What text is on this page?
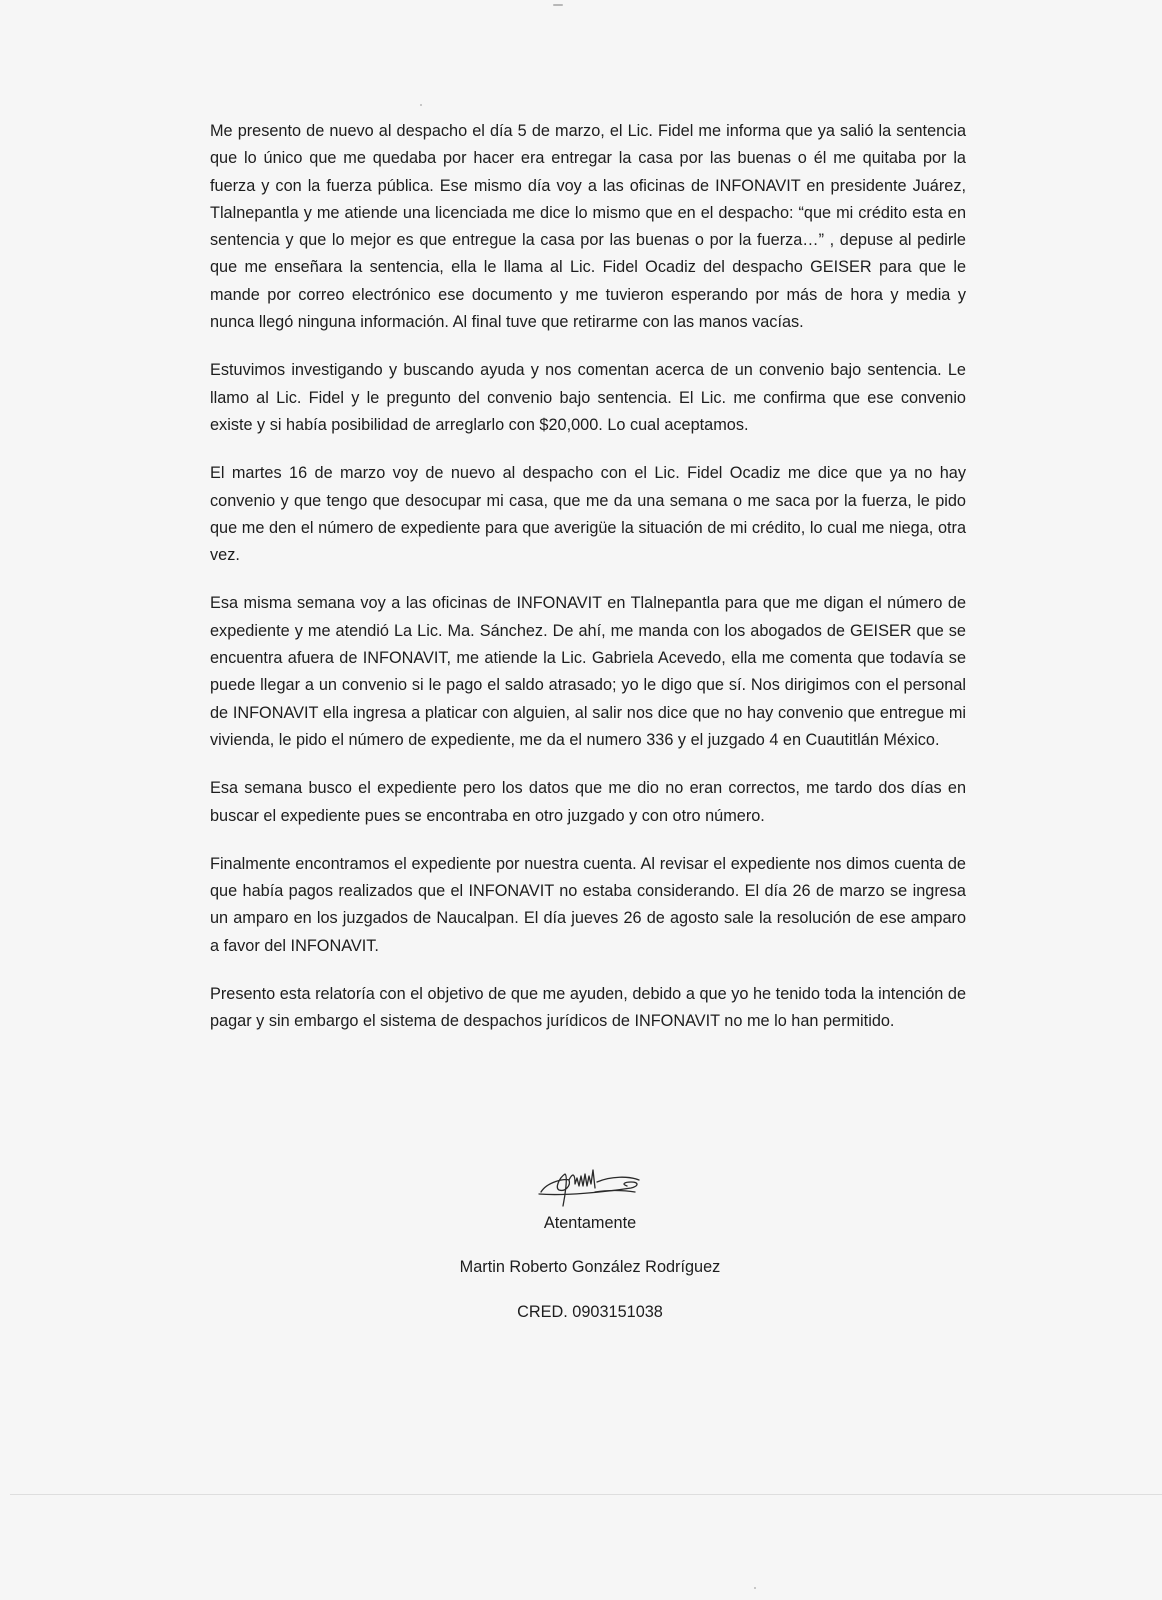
Me presento de nuevo al despacho el día 5 de marzo, el Lic. Fidel me informa que ya salió la sentencia que lo único que me quedaba por hacer era entregar la casa por las buenas o él me quitaba por la fuerza y con la fuerza pública. Ese mismo día voy a las oficinas de INFONAVIT en presidente Juárez, Tlalnepantla y me atiende una licenciada me dice lo mismo que en el despacho: “que mi crédito esta en sentencia y que lo mejor es que entregue la casa por las buenas o por la fuerza…” , depuse al pedirle que me enseñara la sentencia, ella le llama al Lic. Fidel Ocadiz del despacho GEISER para que le mande por correo electrónico ese documento y me tuvieron esperando por más de hora y media y nunca llegó ninguna información. Al final tuve que retirarme con las manos vacías.

Estuvimos investigando y buscando ayuda y nos comentan acerca de un convenio bajo sentencia. Le llamo al Lic. Fidel y le pregunto del convenio bajo sentencia. El Lic. me confirma que ese convenio existe y si había posibilidad de arreglarlo con $20,000. Lo cual aceptamos.

El martes 16 de marzo voy de nuevo al despacho con el Lic. Fidel Ocadiz me dice que ya no hay convenio y que tengo que desocupar mi casa, que me da una semana o me saca por la fuerza, le pido que me den el número de expediente para que averigüe la situación de mi crédito, lo cual me niega, otra vez.

Esa misma semana voy a las oficinas de INFONAVIT en Tlalnepantla para que me digan el número de expediente y me atendió La Lic. Ma. Sánchez. De ahí, me manda con los abogados de GEISER que se encuentra afuera de INFONAVIT, me atiende la Lic. Gabriela Acevedo, ella me comenta que todavía se puede llegar a un convenio si le pago el saldo atrasado; yo le digo que sí. Nos dirigimos con el personal de INFONAVIT ella ingresa a platicar con alguien, al salir nos dice que no hay convenio que entregue mi vivienda, le pido el número de expediente, me da el numero 336 y el juzgado 4 en Cuautitlán México.

Esa semana busco el expediente pero los datos que me dio no eran correctos, me tardo dos días en buscar el expediente pues se encontraba en otro juzgado y con otro número.

Finalmente encontramos el expediente por nuestra cuenta. Al revisar el expediente nos dimos cuenta de que había pagos realizados que el INFONAVIT no estaba considerando. El día 26 de marzo se ingresa un amparo en los juzgados de Naucalpan. El día jueves 26 de agosto sale la resolución de ese amparo a favor del INFONAVIT.

Presento esta relatoría con el objetivo de que me ayuden, debido a que yo he tenido toda la intención de pagar y sin embargo el sistema de despachos jurídicos de INFONAVIT no me lo han permitido.

Atentamente

Martin Roberto González Rodríguez

CRED. 0903151038
